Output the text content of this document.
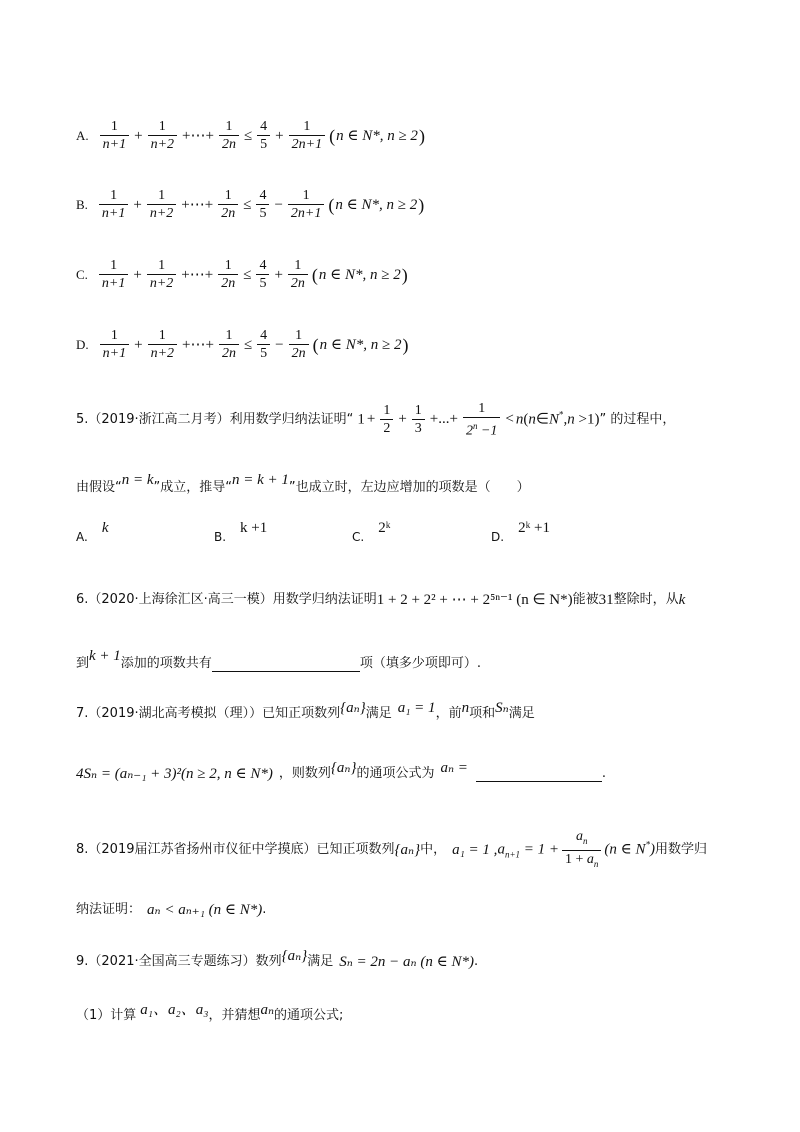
A. $\frac{1}{n+1} + \frac{1}{n+2}$ +⋯+ $\frac{1}{2n} \le \frac{4}{5} + \frac{1}{2n+1}$ ( n ∈ N*, n ≥ 2 )
B. $\frac{1}{n+1} + \frac{1}{n+2}$ +⋯+ $\frac{1}{2n} \le \frac{4}{5} - \frac{1}{2n+1}$ ( n ∈ N*, n ≥ 2 )
C. $\frac{1}{n+1} + \frac{1}{n+2}$ +⋯+ $\frac{1}{2n} \le \frac{4}{5} + \frac{1}{2n}$ ( n ∈ N*, n ≥ 2 )
D. $\frac{1}{n+1} + \frac{1}{n+2}$ +⋯+ $\frac{1}{2n} \le \frac{4}{5} - \frac{1}{2n}$ ( n ∈ N*, n ≥ 2 )
5.（2019·浙江高二月考）利用数学归纳法证明“ $1 + \frac{1}{2} + \frac{1}{3}$ +...+ $\frac{1}{2^n -1}$ < n(n∈N*,n >1) ” 的过程中，
由假设“ n = k ”成立，推导“ n = k + 1 ”也成立时，左边应增加的项数是（　　）
A.
k
B.
k +1
C.
2ᵏ
D.
2ᵏ +1
6.（2020·上海徐汇区·高三一模）用数学归纳法证明 1 + 2 + 2² + ⋯ + 2⁵ⁿ⁻¹ (n ∈ N*) 能被 31 整除时，从 k
到 k + 1 添加的项数共有	项（填多少项即可）.
7.（2019·湖北高考模拟（理））已知正项数列 {aₙ} 满足 a₁ = 1 ，前 n 项和 Sₙ 满足
4Sₙ = (aₙ₋₁ + 3)²(n ≥ 2, n ∈ N*) ，则数列 {aₙ} 的通项公式为 aₙ =	.
8.（2019届江苏省扬州市仪征中学摸底）已知正项数列 {aₙ} 中， a₁ = 1 , $a_{n+1} = 1 + \frac{a_n}{1 + a_n} (n$ ∈ N*) 用数学归
纳法证明： aₙ < aₙ₊₁ (n ∈ N*) .
9.（2021·全国高三专题练习）数列 {aₙ} 满足 Sₙ = 2n − aₙ (n ∈ N*) .
（1）计算 a₁、a₂、a₃ ，并猜想 aₙ 的通项公式;
